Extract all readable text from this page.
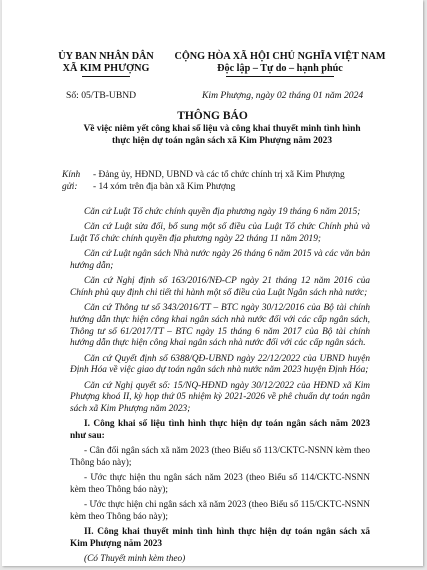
ỦY BAN NHÂN DÂN
XÃ KIM PHƯỢNG
CỘNG HÒA XÃ HỘI CHỦ NGHĨA VIỆT NAM
Độc lập – Tự do – hạnh phúc
Số: 05/TB-UBND	Kim Phượng, ngày 02 tháng 01 năm 2024
THÔNG BÁO
Về việc niêm yết công khai số liệu và công khai thuyết minh tình hình thực hiện dự toán ngân sách xã Kim Phượng năm 2023
Kính gửi:
- Đảng ủy, HĐND, UBND và các tổ chức chính trị xã Kim Phượng
- 14 xóm trên địa bàn xã Kim Phượng

Căn cứ Luật Tổ chức chính quyền địa phương ngày 19 tháng 6 năm 2015;

Căn cứ Luật sửa đổi, bổ sung một số điều của Luật Tổ chức Chính phủ và Luật Tổ chức chính quyền địa phương ngày 22 tháng 11 năm 2019;

Căn cứ Luật ngân sách Nhà nước ngày 26 tháng 6 năm 2015 và các văn bản hướng dẫn;

Căn cứ Nghị định số 163/2016/NĐ-CP ngày 21 tháng 12 năm 2016 của Chính phủ quy định chi tiết thi hành một số điều của Luật Ngân sách nhà nước;

Căn cứ Thông tư số 343/2016/TT – BTC ngày 30/12/2016 của Bộ tài chính hướng dẫn thực hiện công khai ngân sách nhà nước đối với các cấp ngân sách, Thông tư số 61/2017/TT – BTC ngày 15 tháng 6 năm 2017 của Bộ tài chính hướng dẫn thực hiện công khai ngân sách nhà nước đối với các cấp ngân sách.

Căn cứ Quyết định số 6388/QĐ-UBND ngày 22/12/2022 của UBND huyện Định Hóa về việc giao dự toán ngân sách nhà nước năm 2023 huyện Định Hóa;

Căn cứ Nghị quyết số: 15/NQ-HĐND ngày 30/12/2022 của HĐND xã Kim Phượng khoá II, kỳ họp thứ 05 nhiệm kỳ 2021-2026 về phê chuẩn dự toán ngân sách xã Kim Phượng năm 2023;

I. Công khai số liệu tình hình thực hiện dự toán ngân sách năm 2023 như sau:

- Cân đối ngân sách xã năm 2023 (theo Biểu số 113/CKTC-NSNN kèm theo Thông báo này);

- Ước thực hiện thu ngân sách năm 2023 (theo Biểu số 114/CKTC-NSNN kèm theo Thông báo này);

- Ước thực hiện chi ngân sách xã năm 2023 (theo Biểu số 115/CKTC-NSNN kèm theo Thông báo này);

II. Công khai thuyết minh tình hình thực hiện dự toán ngân sách xã Kim Phượng năm 2023

(Có Thuyết minh kèm theo)
